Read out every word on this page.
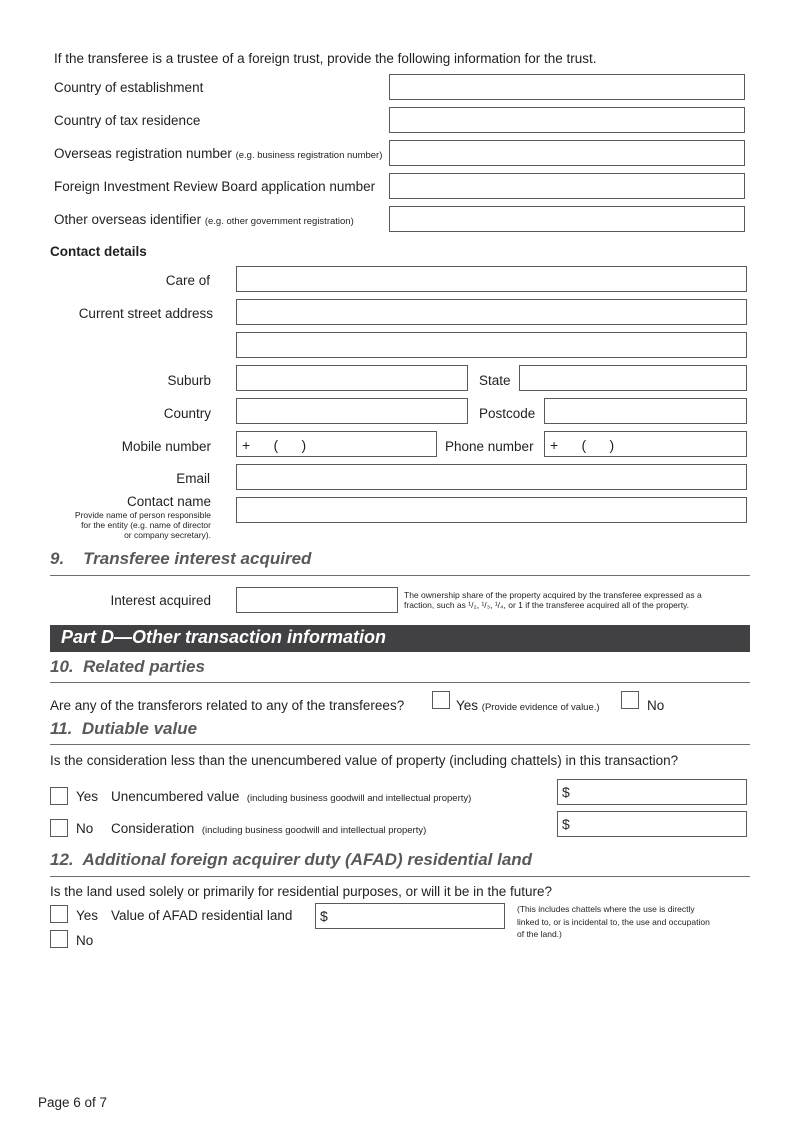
If the transferee is a trustee of a foreign trust, provide the following information for the trust.
Country of establishment
Country of tax residence
Overseas registration number (e.g. business registration number)
Foreign Investment Review Board application number
Other overseas identifier (e.g. other government registration)
Contact details
Care of
Current street address
Suburb	State
Country	Postcode
Mobile number +      (      )	Phone number +      (      )
Email
Contact name
Provide name of person responsible
for the entity (e.g. name of director
or company secretary).
9.    Transferee interest acquired
Interest acquired	The ownership share of the property acquired by the transferee expressed as a
fraction, such as ¹/₂, ¹/₃, ¹/₄, or 1 if the transferee acquired all of the property.
Part D—Other transaction information
10.  Related parties
Are any of the transferors related to any of the transferees?	Yes (Provide evidence of value.)	No
11.  Dutiable value
Is the consideration less than the unencumbered value of property (including chattels) in this transaction?
Yes Unencumbered value (including business goodwill and intellectual property)	$
No Consideration (including business goodwill and intellectual property)	$
12.  Additional foreign acquirer duty (AFAD) residential land
Is the land used solely or primarily for residential purposes, or will it be in the future?
Yes Value of AFAD residential land $	(This includes chattels where the use is directly
linked to, or is incidental to, the use and occupation
of the land.)
No
Page 6 of 7
